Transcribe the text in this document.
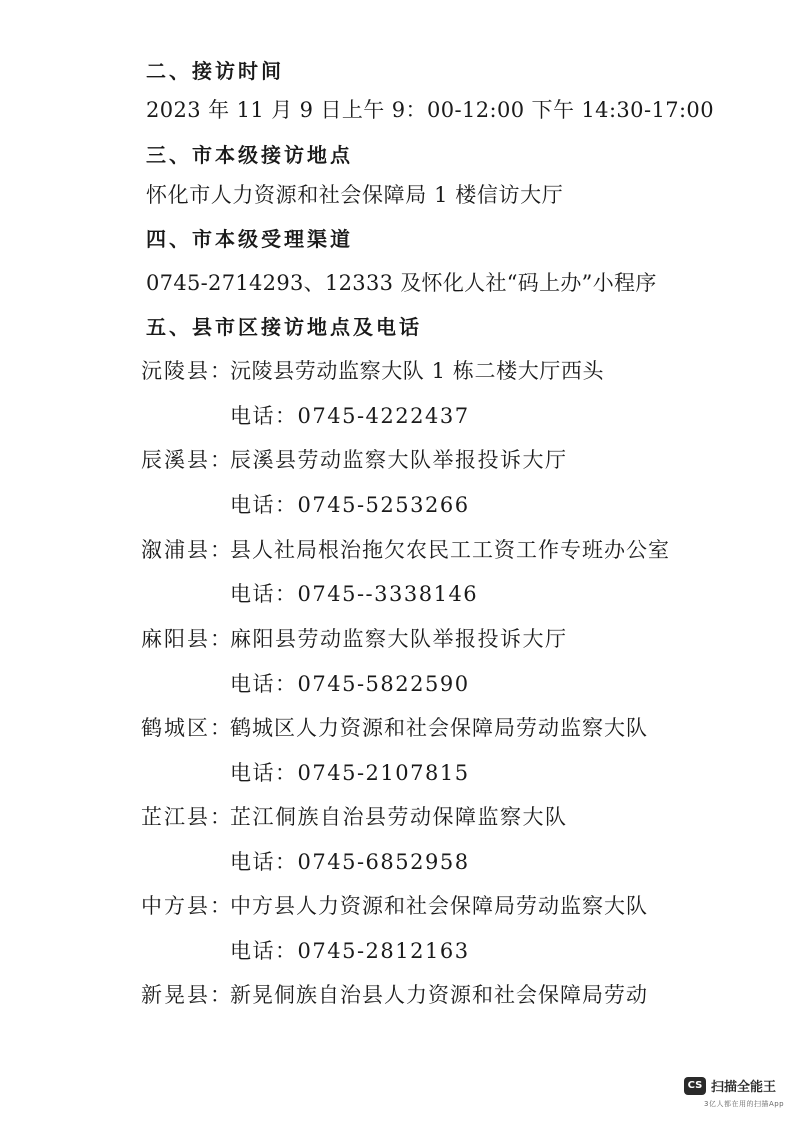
二、接访时间
2023 年 11 月 9 日上午 9：00-12:00 下午 14:30-17:00
三、市本级接访地点
怀化市人力资源和社会保障局 1 楼信访大厅
四、市本级受理渠道
0745-2714293、12333 及怀化人社“码上办”小程序
五、县市区接访地点及电话
沅陵县：
沅陵县劳动监察大队 1 栋二楼大厅西头
电话：0745-4222437
辰溪县：
辰溪县劳动监察大队举报投诉大厅
电话：0745-5253266
溆浦县：
县人社局根治拖欠农民工工资工作专班办公室
电话：0745--3338146
麻阳县：
麻阳县劳动监察大队举报投诉大厅
电话：0745-5822590
鹤城区：
鹤城区人力资源和社会保障局劳动监察大队
电话：0745-2107815
芷江县：
芷江侗族自治县劳动保障监察大队
电话：0745-6852958
中方县：
中方县人力资源和社会保障局劳动监察大队
电话：0745-2812163
新晃县：
新晃侗族自治县人力资源和社会保障局劳动
CS 扫描全能王
3亿人都在用的扫描App
